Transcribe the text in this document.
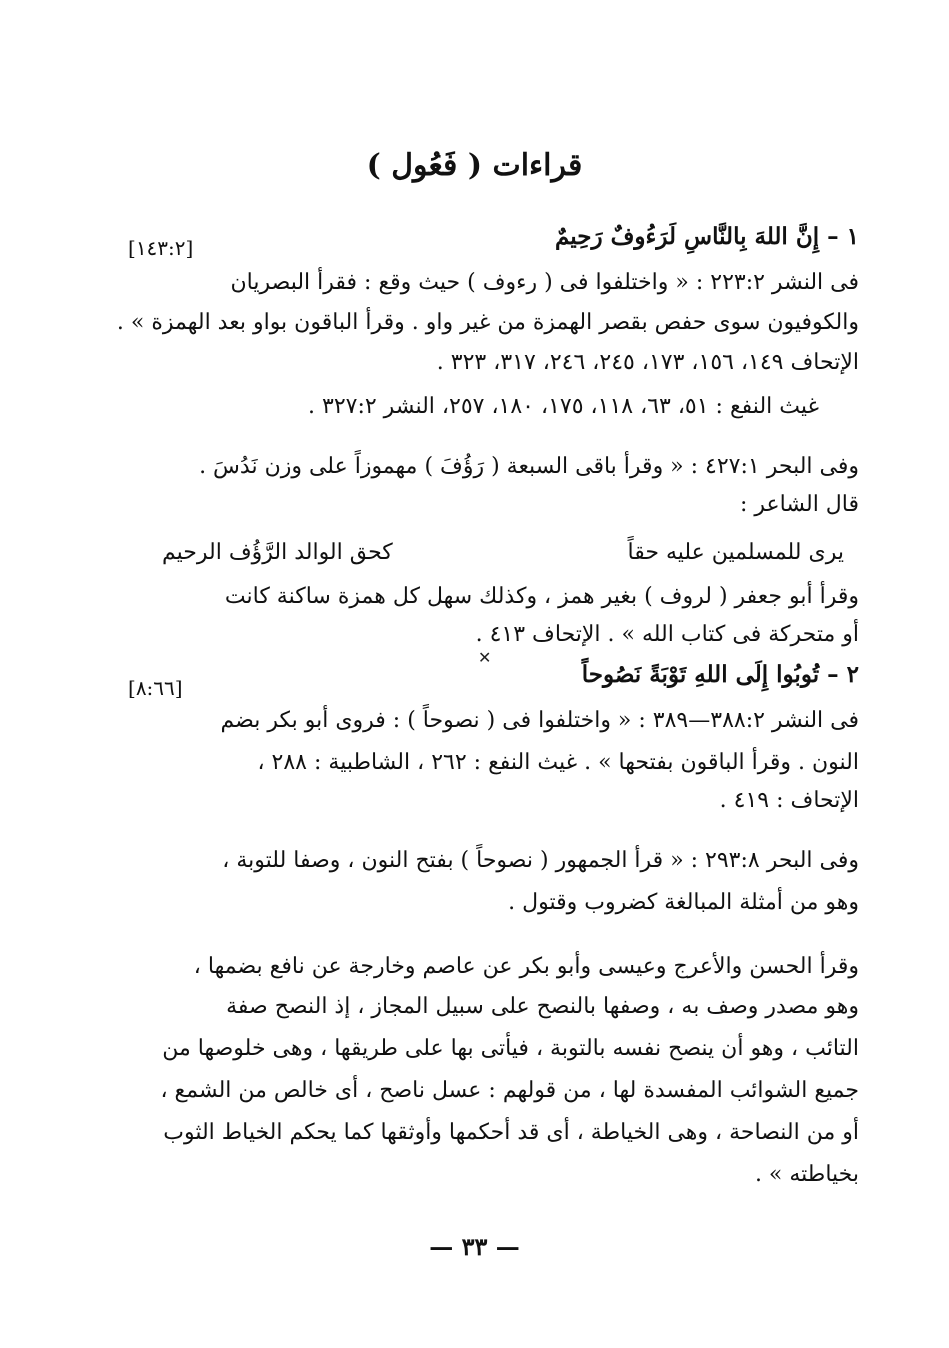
قراءات ( فَعُول )
١ – إِنَّ اللهَ بِالنَّاسِ لَرَءُوفٌ رَحِيمٌ
[١٤٣:٢]
فى النشر ٢٢٣:٢ : « واختلفوا فى ( رءوف ) حيث وقع : فقرأ البصريان
والكوفيون سوى حفص بقصر الهمزة من غير واو . وقرأ الباقون بواو بعد الهمزة » .
الإتحاف ١٤٩، ١٥٦، ١٧٣، ٢٤٥، ٢٤٦، ٣١٧، ٣٢٣ .
غيث النفع : ٥١، ٦٣، ١١٨، ١٧٥، ١٨٠، ٢٥٧، النشر ٣٢٧:٢ .
وفى البحر ٤٢٧:١ : « وقرأ باقى السبعة ( رَؤُفَ ) مهموزاً على وزن نَدُسَ .
قال الشاعر :
يرى للمسلمين عليه حقاً
كحق الوالد الرَّؤُف الرحيم
وقرأ أبو جعفر ( لروف ) بغير همز ، وكذلك سهل كل همزة ساكنة كانت
أو متحركة فى كتاب الله » . الإتحاف ٤١٣ .
✕
٢ – تُوبُوا إِلَى اللهِ تَوْبَةً نَصُوحاً
[٨:٦٦]
فى النشر ٣٨٨:٢—٣٨٩ : « واختلفوا فى ( نصوحاً ) : فروى أبو بكر بضم
النون . وقرأ الباقون بفتحها » . غيث النفع : ٢٦٢ ، الشاطبية : ٢٨٨ ،
الإتحاف : ٤١٩ .
وفى البحر ٢٩٣:٨ : « قرأ الجمهور ( نصوحاً ) بفتح النون ، وصفا للتوبة ،
وهو من أمثلة المبالغة كضروب وقتول .
وقرأ الحسن والأعرج وعيسى وأبو بكر عن عاصم وخارجة عن نافع بضمها ،
وهو مصدر وصف به ، وصفها بالنصح على سبيل المجاز ، إذ النصح صفة
التائب ، وهو أن ينصح نفسه بالتوبة ، فيأتى بها على طريقها ، وهى خلوصها من
جميع الشوائب المفسدة لها ، من قولهم : عسل ناصح ، أى خالص من الشمع ،
أو من النصاحة ، وهى الخياطة ، أى قد أحكمها وأوثقها كما يحكم الخياط الثوب
بخياطته » .
— ٣٣ —
